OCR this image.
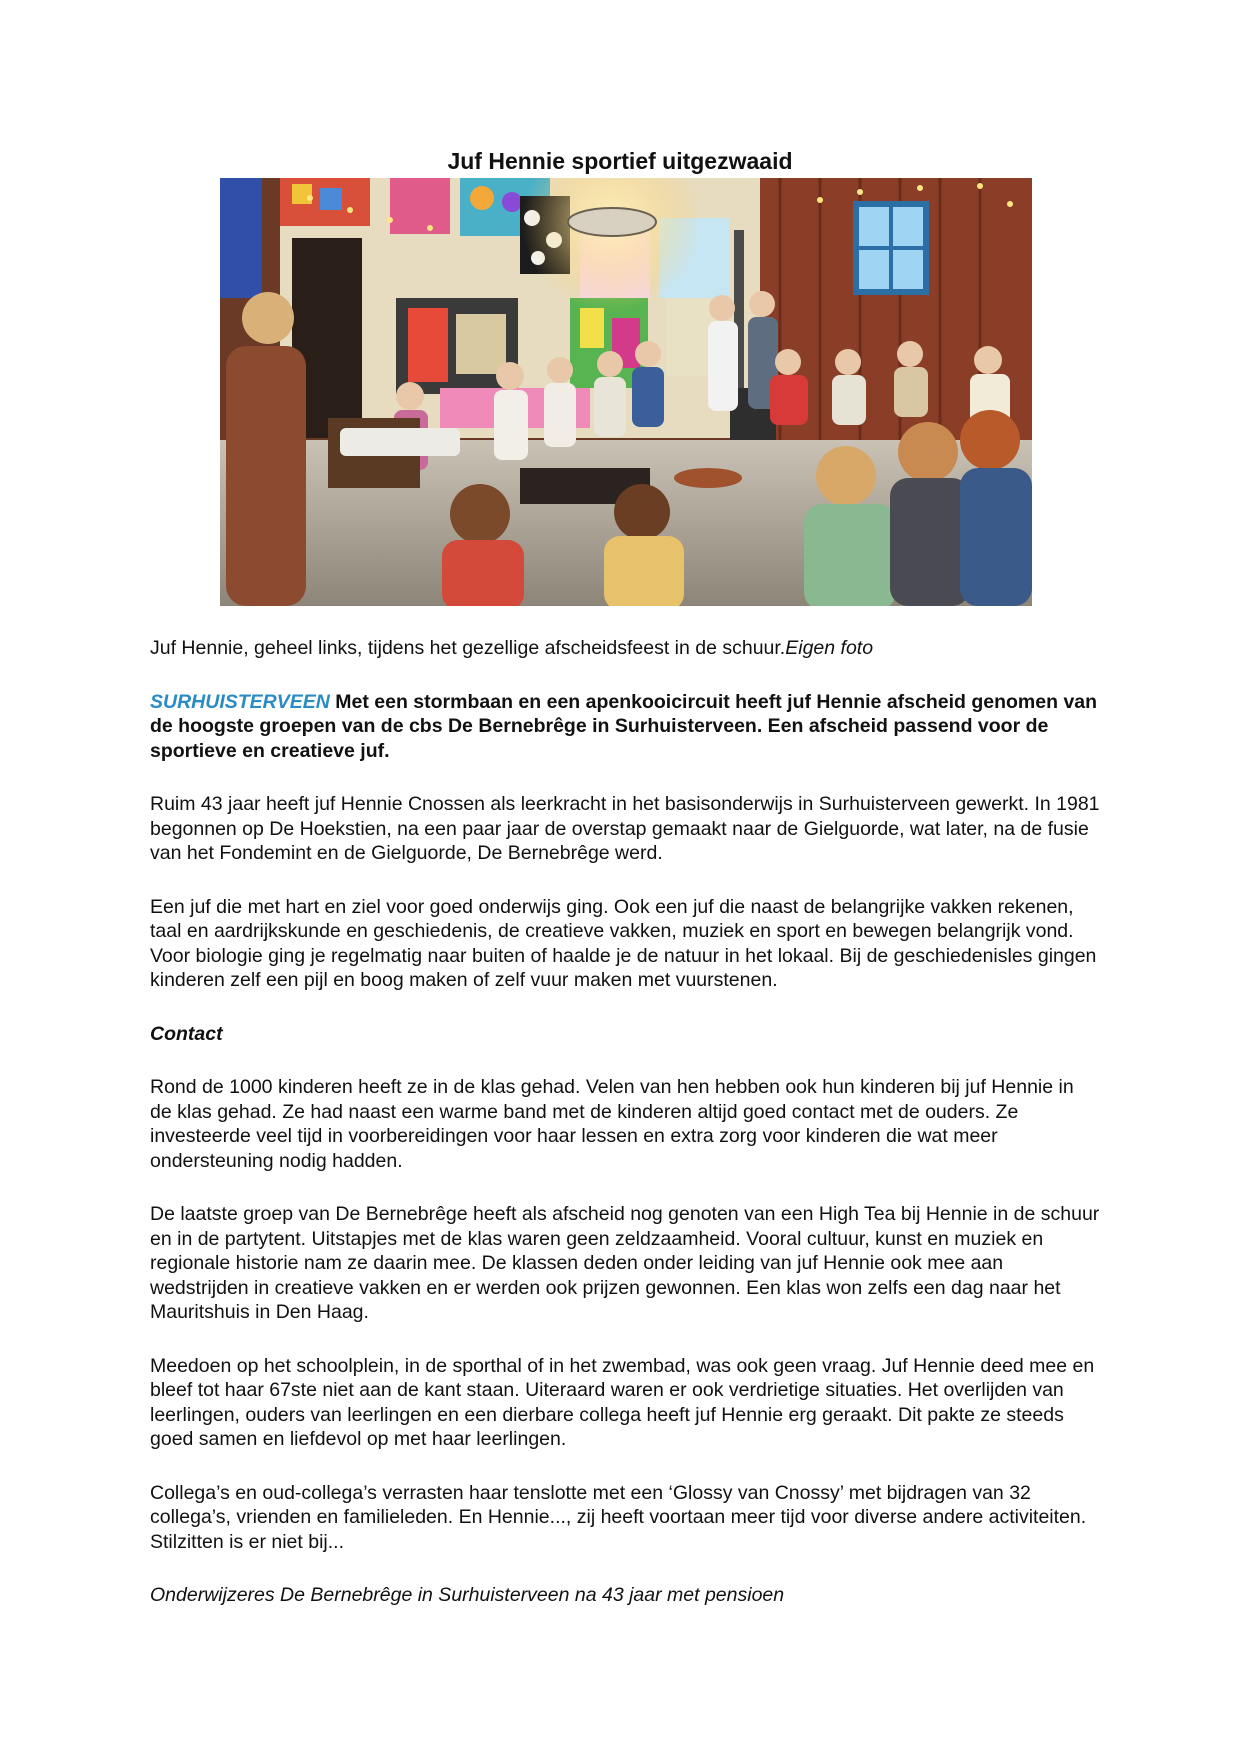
Juf Hennie sportief uitgezwaaid

Juf Hennie, geheel links, tijdens het gezellige afscheidsfeest in de schuur.Eigen foto

SURHUISTERVEEN Met een stormbaan en een apenkooicircuit heeft juf Hennie afscheid genomen van de hoogste groepen van de cbs De Bernebrêge in Surhuisterveen. Een afscheid passend voor de sportieve en creatieve juf.

Ruim 43 jaar heeft juf Hennie Cnossen als leerkracht in het basisonderwijs in Surhuisterveen gewerkt. In 1981 begonnen op De Hoekstien, na een paar jaar de overstap gemaakt naar de Gielguorde, wat later, na de fusie van het Fondemint en de Gielguorde, De Bernebrêge werd.

Een juf die met hart en ziel voor goed onderwijs ging. Ook een juf die naast de belangrijke vakken rekenen, taal en aardrijkskunde en geschiedenis, de creatieve vakken, muziek en sport en bewegen belangrijk vond. Voor biologie ging je regelmatig naar buiten of haalde je de natuur in het lokaal. Bij de geschiedenisles gingen kinderen zelf een pijl en boog maken of zelf vuur maken met vuurstenen.

Contact

Rond de 1000 kinderen heeft ze in de klas gehad. Velen van hen hebben ook hun kinderen bij juf Hennie in de klas gehad. Ze had naast een warme band met de kinderen altijd goed contact met de ouders. Ze investeerde veel tijd in voorbereidingen voor haar lessen en extra zorg voor kinderen die wat meer ondersteuning nodig hadden.

De laatste groep van De Bernebrêge heeft als afscheid nog genoten van een High Tea bij Hennie in de schuur en in de partytent. Uitstapjes met de klas waren geen zeldzaamheid. Vooral cultuur, kunst en muziek en regionale historie nam ze daarin mee. De klassen deden onder leiding van juf Hennie ook mee aan wedstrijden in creatieve vakken en er werden ook prijzen gewonnen. Een klas won zelfs een dag naar het Mauritshuis in Den Haag.

Meedoen op het schoolplein, in de sporthal of in het zwembad, was ook geen vraag. Juf Hennie deed mee en bleef tot haar 67ste niet aan de kant staan. Uiteraard waren er ook verdrietige situaties. Het overlijden van leerlingen, ouders van leerlingen en een dierbare collega heeft juf Hennie erg geraakt. Dit pakte ze steeds goed samen en liefdevol op met haar leerlingen.

Collega’s en oud-collega’s verrasten haar tenslotte met een ‘Glossy van Cnossy’ met bijdragen van 32 collega’s, vrienden en familieleden. En Hennie..., zij heeft voortaan meer tijd voor diverse andere activiteiten. Stilzitten is er niet bij...

Onderwijzeres De Bernebrêge in Surhuisterveen na 43 jaar met pensioen
